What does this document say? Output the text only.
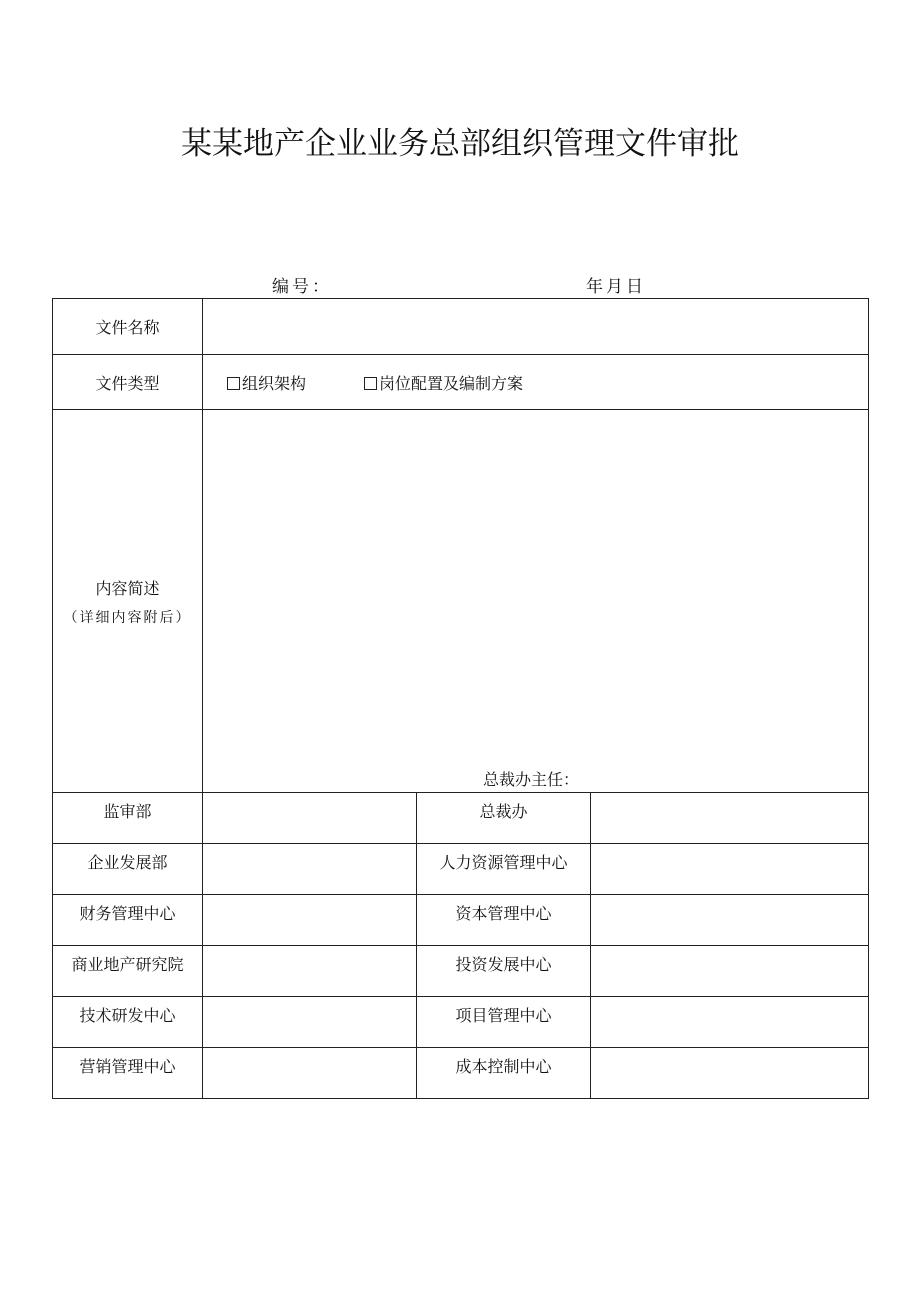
某某地产企业业务总部组织管理文件审批
编号：	年月日
文件名称			
文件类型	组织架构 岗位配置及编制方案		
内容简述
（详细内容附后）	总裁办主任：		

监审部		总裁办	
企业发展部		人力资源管理中心	
财务管理中心		资本管理中心	
商业地产研究院		投资发展中心	
技术研发中心		项目管理中心	
营销管理中心		成本控制中心	
